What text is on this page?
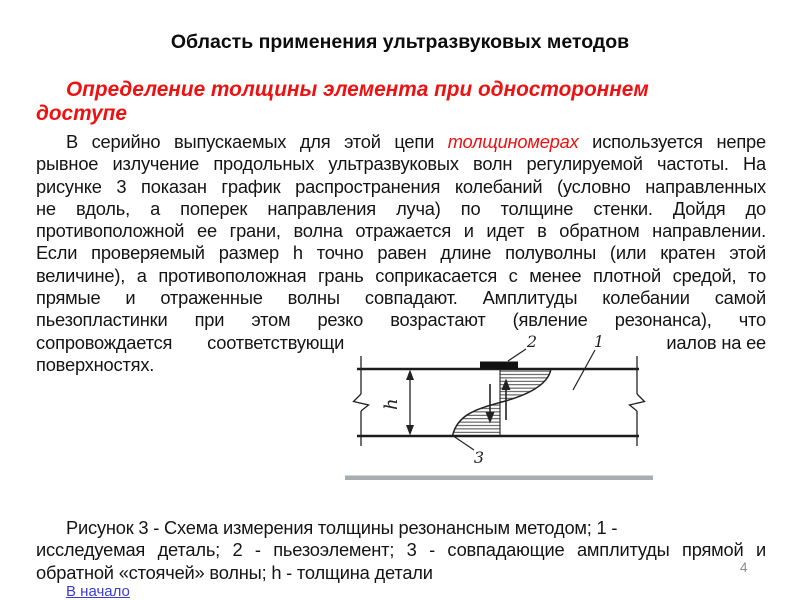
Область применения ультразвуковых методов
Определение толщины элемента при одностороннем
доступе
В серийно выпускаемых для этой цепи толщиномерах используется непре
рывное излучение продольных ультразвуковых волн регулируемой частоты. На
рисунке 3 показан график распространения колебаний (условно направленных
не вдоль, а поперек направления луча) по толщине стенки. Дойдя до
противоположной ее грани, волна отражается и идет в обратном направлении.
Если проверяемый размер h точно равен длине полуволны (или кратен этой
величине), а противоположная грань соприкасается с менее плотной средой, то
прямые и отраженные волны совпадают. Амплитуды колебании самой
пьезопластинки при этом резко возрастают (явление резонанса), что
сопровождается соответствующи	иалов на ее
поверхностях.
h
2	1
3
Рисунок 3 - Схема измерения толщины резонансным методом; 1 -
исследуемая деталь; 2 - пьезоэлемент; 3 - совпадающие амплитуды прямой и
обратной «стоячей» волны; h - толщина детали	4
В начало
